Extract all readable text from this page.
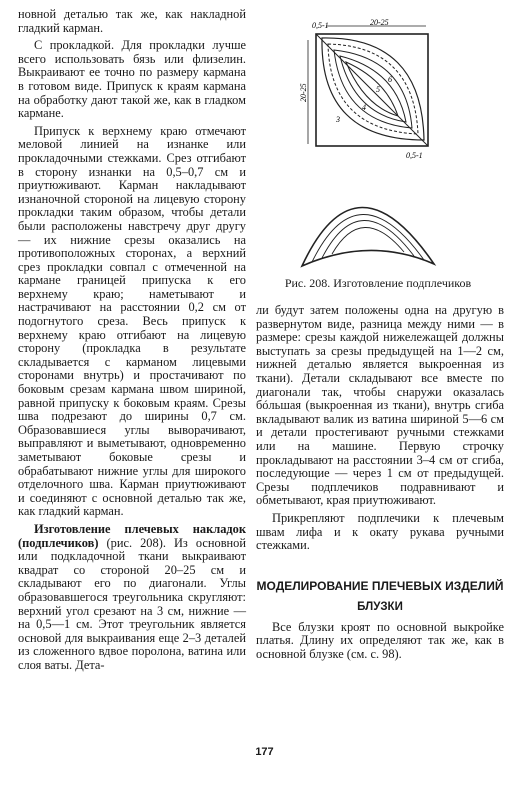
новной деталью так же, как накладной гладкий карман.

С прокладкой. Для прокладки лучше всего использовать бязь или флизелин. Выкраивают ее точно по размеру кармана в готовом виде. Припуск к краям кармана на обработку дают такой же, как в гладком кармане.

Припуск к верхнему краю отмечают меловой линией на изнанке или прокладочными стежками. Срез отгибают в сторону изнанки на 0,5–0,7 см и приутюживают. Карман накладывают изнаночной стороной на лицевую сторону прокладки таким образом, чтобы детали были расположены навстречу друг другу — их нижние срезы оказались на противоположных сторонах, а верхний срез прокладки совпал с отмеченной на кармане границей припуска к его верхнему краю; наметывают и настрачивают на расстоянии 0,2 см от подогнутого среза. Весь припуск к верхнему краю отгибают на лицевую сторону (прокладка в результате складывается с карманом лицевыми сторонами внутрь) и простачивают по боковым срезам кармана швом шириной, равной припуску к боковым краям. Срезы шва подрезают до ширины 0,7 см. Образовавшиеся углы выворачивают, выправляют и выметывают, одновременно заметывают боковые срезы и обрабатывают нижние углы для широкого отделочного шва. Карман приутюживают и соединяют с основной деталью так же, как гладкий карман.

Изготовление плечевых накладок (подплечиков) (рис. 208). Из основной или подкладочной ткани выкраивают квадрат со стороной 20–25 см и складывают его по диагонали. Углы образовавшегося треугольника скругляют: верхний угол срезают на 3 см, нижние — на 0,5—1 см. Этот треугольник является основой для выкраивания еще 2–3 деталей из сложенного вдвое поролона, ватина или слоя ваты. Дета-

0,5-1	20-25
20-25
0,5-1
3
4
5
6
Рис. 208. Изготовление подплечиков

ли будут затем положены одна на другую в развернутом виде, разница между ними — в размере: срезы каждой нижележащей должны выступать за срезы предыдущей на 1—2 см, нижней деталью является выкроенная из ткани). Детали складывают все вместе по диагонали так, чтобы снаружи оказалась бóльшая (выкроенная из ткани), внутрь сгиба вкладывают валик из ватина шириной 5—6 см и детали простегивают ручными стежками или на машине. Первую строчку прокладывают на расстоянии 3–4 см от сгиба, последующие — через 1 см от предыдущей. Срезы подплечиков подравнивают и обметывают, края приутюживают.

Прикрепляют подплечики к плечевым швам лифа и к окату рукава ручными стежками.

МОДЕЛИРОВАНИЕ ПЛЕЧЕВЫХ ИЗДЕЛИЙ
БЛУЗКИ

Все блузки кроят по основной выкройке платья. Длину их определяют так же, как в основной блузке (см. с. 98).

177
